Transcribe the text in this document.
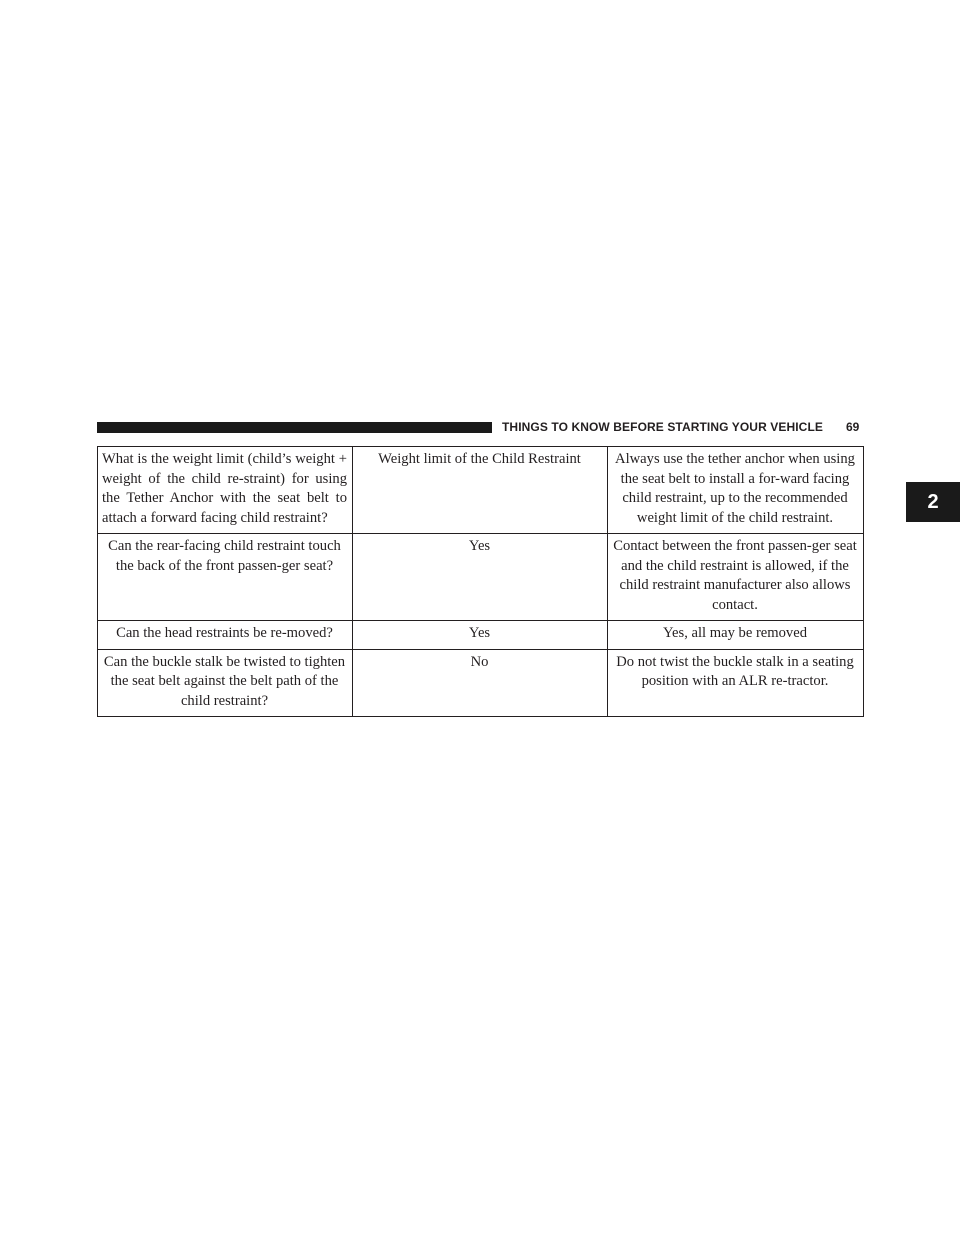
THINGS TO KNOW BEFORE STARTING YOUR VEHICLE	69
2
What is the weight limit (child’s weight + weight of the child re-straint) for using the Tether Anchor with the seat belt to attach a forward facing child restraint?	Weight limit of the Child Restraint	Always use the tether anchor when using the seat belt to install a for-ward facing child restraint, up to the recommended weight limit of the child restraint.

Can the rear-facing child restraint touch the back of the front passen-ger seat?	Yes	Contact between the front passen-ger seat and the child restraint is allowed, if the child restraint manufacturer also allows contact.

Can the head restraints be re-moved?	Yes	Yes, all may be removed

Can the buckle stalk be twisted to tighten the seat belt against the belt path of the child restraint?	No	Do not twist the buckle stalk in a seating position with an ALR re-tractor.
